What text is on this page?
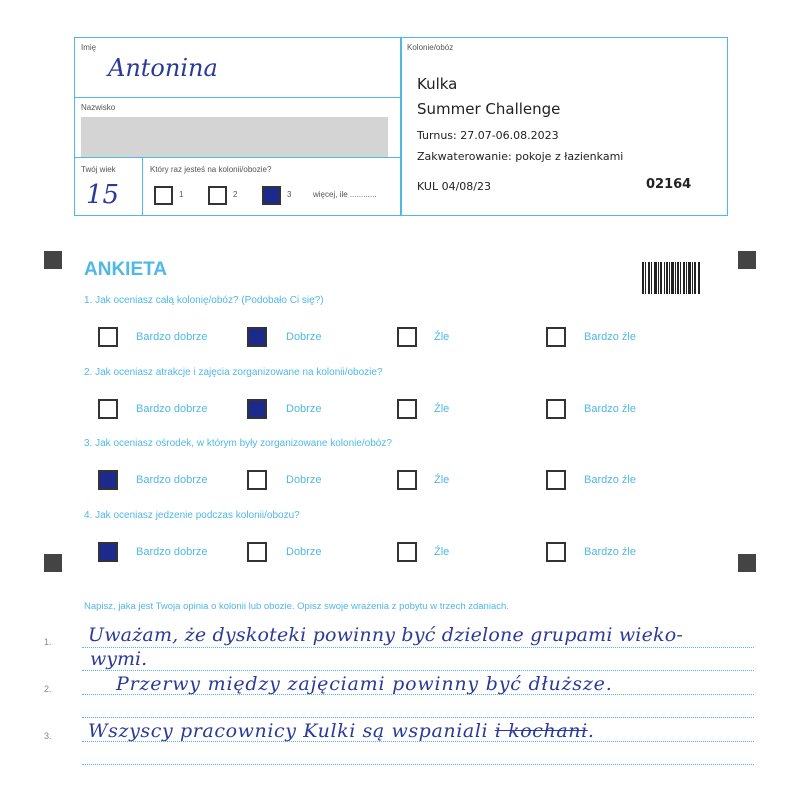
Imię
Antonina
Nazwisko
Twój wiek
15
Który raz jesteś na kolonii/obozie?
1	2	3	więcej, ile ............
Kolonie/obóz
Kulka
Summer Challenge
Turnus: 27.07-06.08.2023
Zakwaterowanie: pokoje z łazienkami
KUL 04/08/23	02164
ANKIETA
1. Jak oceniasz całą kolonię/obóz? (Podobało Ci się?)
Bardzo dobrze	Dobrze	Źle	Bardzo źle
2. Jak oceniasz atrakcje i zajęcia zorganizowane na kolonii/obozie?
Bardzo dobrze	Dobrze	Źle	Bardzo źle
3. Jak oceniasz ośrodek, w którym były zorganizowane kolonie/obóz?
Bardzo dobrze	Dobrze	Źle	Bardzo źle
4. Jak oceniasz jedzenie podczas kolonii/obozu?
Bardzo dobrze	Dobrze	Źle	Bardzo źle
Napisz, jaka jest Twoja opinia o kolonii lub obozie. Opisz swoje wrażenia z pobytu w trzech zdaniach.
1.
2.
3.
Uważam, że dyskoteki powinny być dzielone grupami wieko-
wymi.
Przerwy między zajęciami powinny być dłuższe.
Wszyscy pracownicy Kulki są wspaniali i kochani.
